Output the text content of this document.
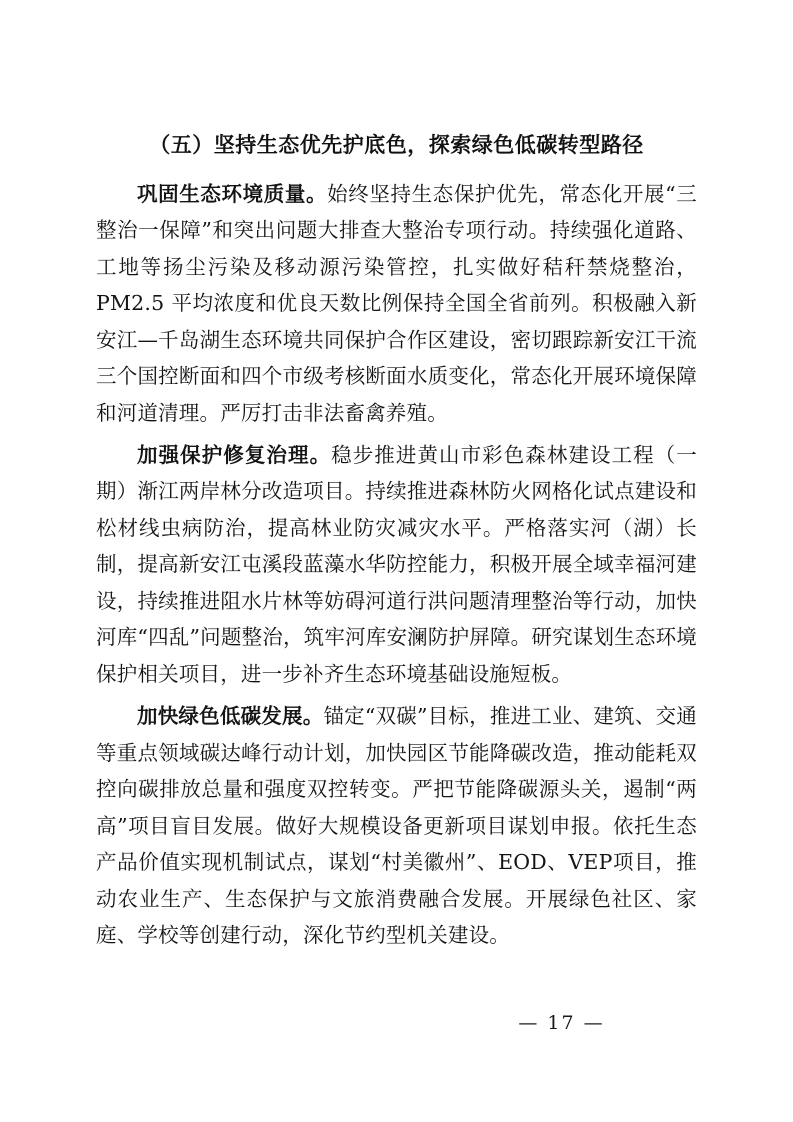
（五）坚持生态优先护底色，探索绿色低碳转型路径

巩固生态环境质量。始终坚持生态保护优先，常态化开展“三整治一保障”和突出问题大排查大整治专项行动。持续强化道路、工地等扬尘污染及移动源污染管控，扎实做好秸秆禁烧整治，PM2.5 平均浓度和优良天数比例保持全国全省前列。积极融入新安江—千岛湖生态环境共同保护合作区建设，密切跟踪新安江干流三个国控断面和四个市级考核断面水质变化，常态化开展环境保障和河道清理。严厉打击非法畜禽养殖。

加强保护修复治理。稳步推进黄山市彩色森林建设工程（一期）渐江两岸林分改造项目。持续推进森林防火网格化试点建设和松材线虫病防治，提高林业防灾减灾水平。严格落实河（湖）长制，提高新安江屯溪段蓝藻水华防控能力，积极开展全域幸福河建设，持续推进阻水片林等妨碍河道行洪问题清理整治等行动，加快河库“四乱”问题整治，筑牢河库安澜防护屏障。研究谋划生态环境保护相关项目，进一步补齐生态环境基础设施短板。

加快绿色低碳发展。锚定“双碳”目标，推进工业、建筑、交通等重点领域碳达峰行动计划，加快园区节能降碳改造，推动能耗双控向碳排放总量和强度双控转变。严把节能降碳源头关，遏制“两高”项目盲目发展。做好大规模设备更新项目谋划申报。依托生态产品价值实现机制试点，谋划“村美徽州”、EOD、VEP项目，推动农业生产、生态保护与文旅消费融合发展。开展绿色社区、家庭、学校等创建行动，深化节约型机关建设。

— 17 —
